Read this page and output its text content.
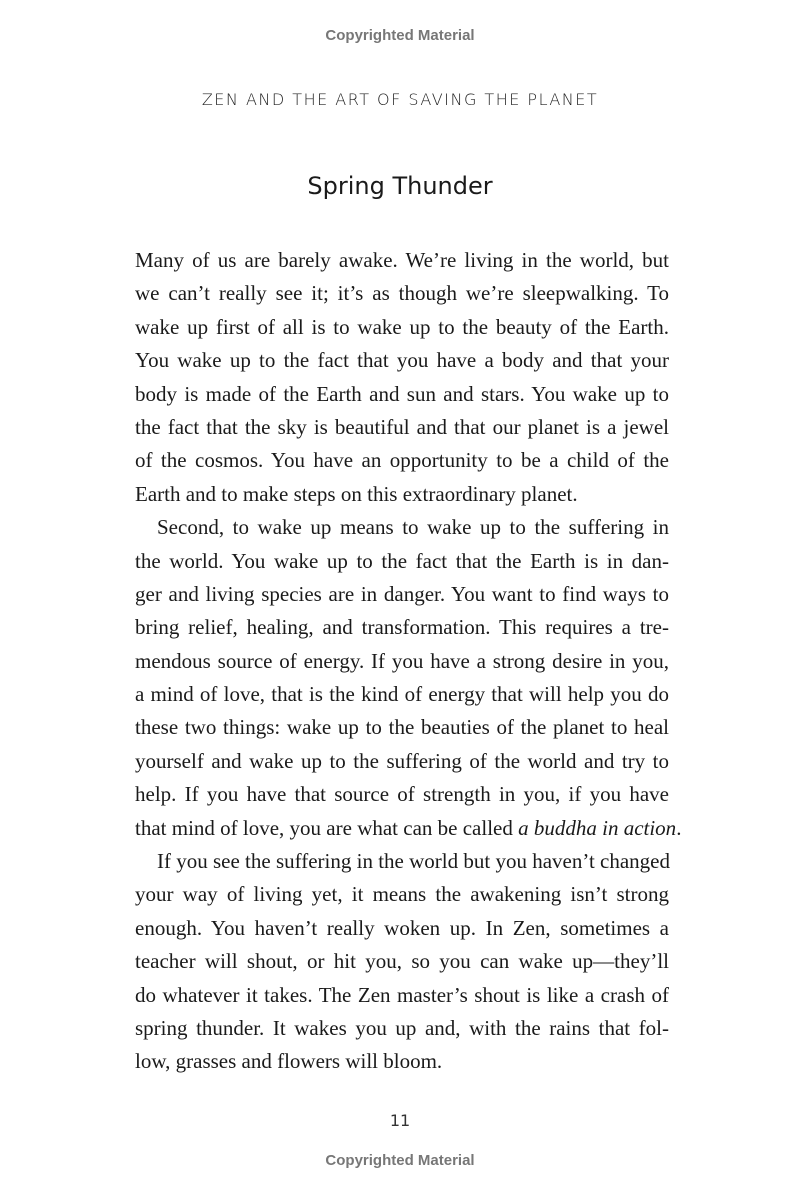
Copyrighted Material
ZEN AND THE ART OF SAVING THE PLANET
Spring Thunder
Many of us are barely awake. We’re living in the world, but
we can’t really see it; it’s as though we’re sleepwalking. To
wake up first of all is to wake up to the beauty of the Earth.
You wake up to the fact that you have a body and that your
body is made of the Earth and sun and stars. You wake up to
the fact that the sky is beautiful and that our planet is a jewel
of the cosmos. You have an opportunity to be a child of the
Earth and to make steps on this extraordinary planet.
Second, to wake up means to wake up to the suffering in
the world. You wake up to the fact that the Earth is in dan-
ger and living species are in danger. You want to find ways to
bring relief, healing, and transformation. This requires a tre-
mendous source of energy. If you have a strong desire in you,
a mind of love, that is the kind of energy that will help you do
these two things: wake up to the beauties of the planet to heal
yourself and wake up to the suffering of the world and try to
help. If you have that source of strength in you, if you have
that mind of love, you are what can be called a buddha in action.
If you see the suffering in the world but you haven’t changed
your way of living yet, it means the awakening isn’t strong
enough. You haven’t really woken up. In Zen, sometimes a
teacher will shout, or hit you, so you can wake up—they’ll
do whatever it takes. The Zen master’s shout is like a crash of
spring thunder. It wakes you up and, with the rains that fol-
low, grasses and flowers will bloom.
11
Copyrighted Material
